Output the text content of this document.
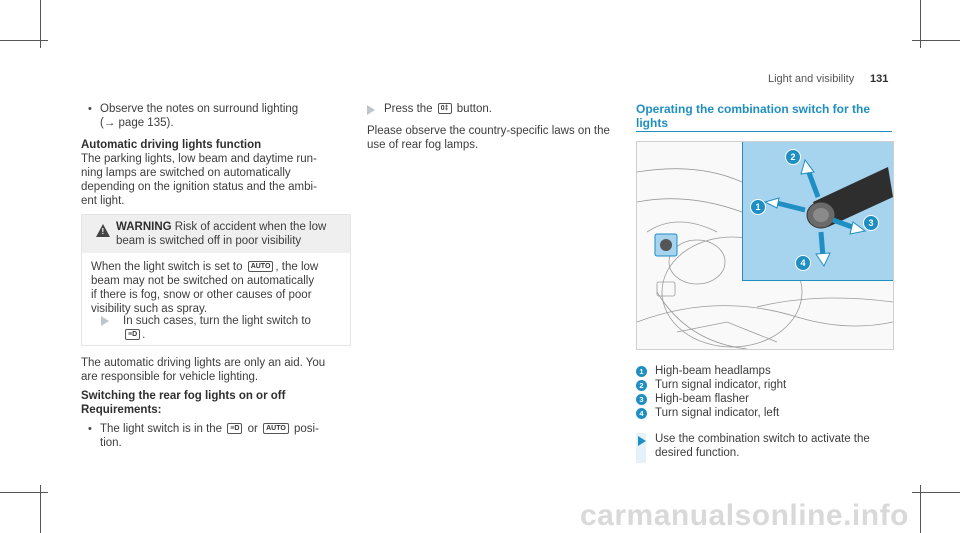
Light and visibility 131
• Observe the notes on surround lighting
(→ page 135).
Automatic driving lights function
The parking lights, low beam and daytime run-
ning lamps are switched on automatically
depending on the ignition status and the ambi-
ent light.
! WARNING Risk of accident when the low
beam is switched off in poor visibility
When the light switch is set to AUTO , the low
beam may not be switched on automatically
if there is fog, snow or other causes of poor
visibility such as spray.
In such cases, turn the light switch to
≡D .
The automatic driving lights are only an aid. You
are responsible for vehicle lighting.
Switching the rear fog lights on or off
Requirements:
• The light switch is in the ≡D or AUTO posi-
tion.
Press the 0‡ button.
Please observe the country-specific laws on the
use of rear fog lamps.
Operating the combination switch for the
lights
1
2
3
4
1 High-beam headlamps
2 Turn signal indicator, right
3 High-beam flasher
4 Turn signal indicator, left
Use the combination switch to activate the
desired function.
carmanualsonline.info
